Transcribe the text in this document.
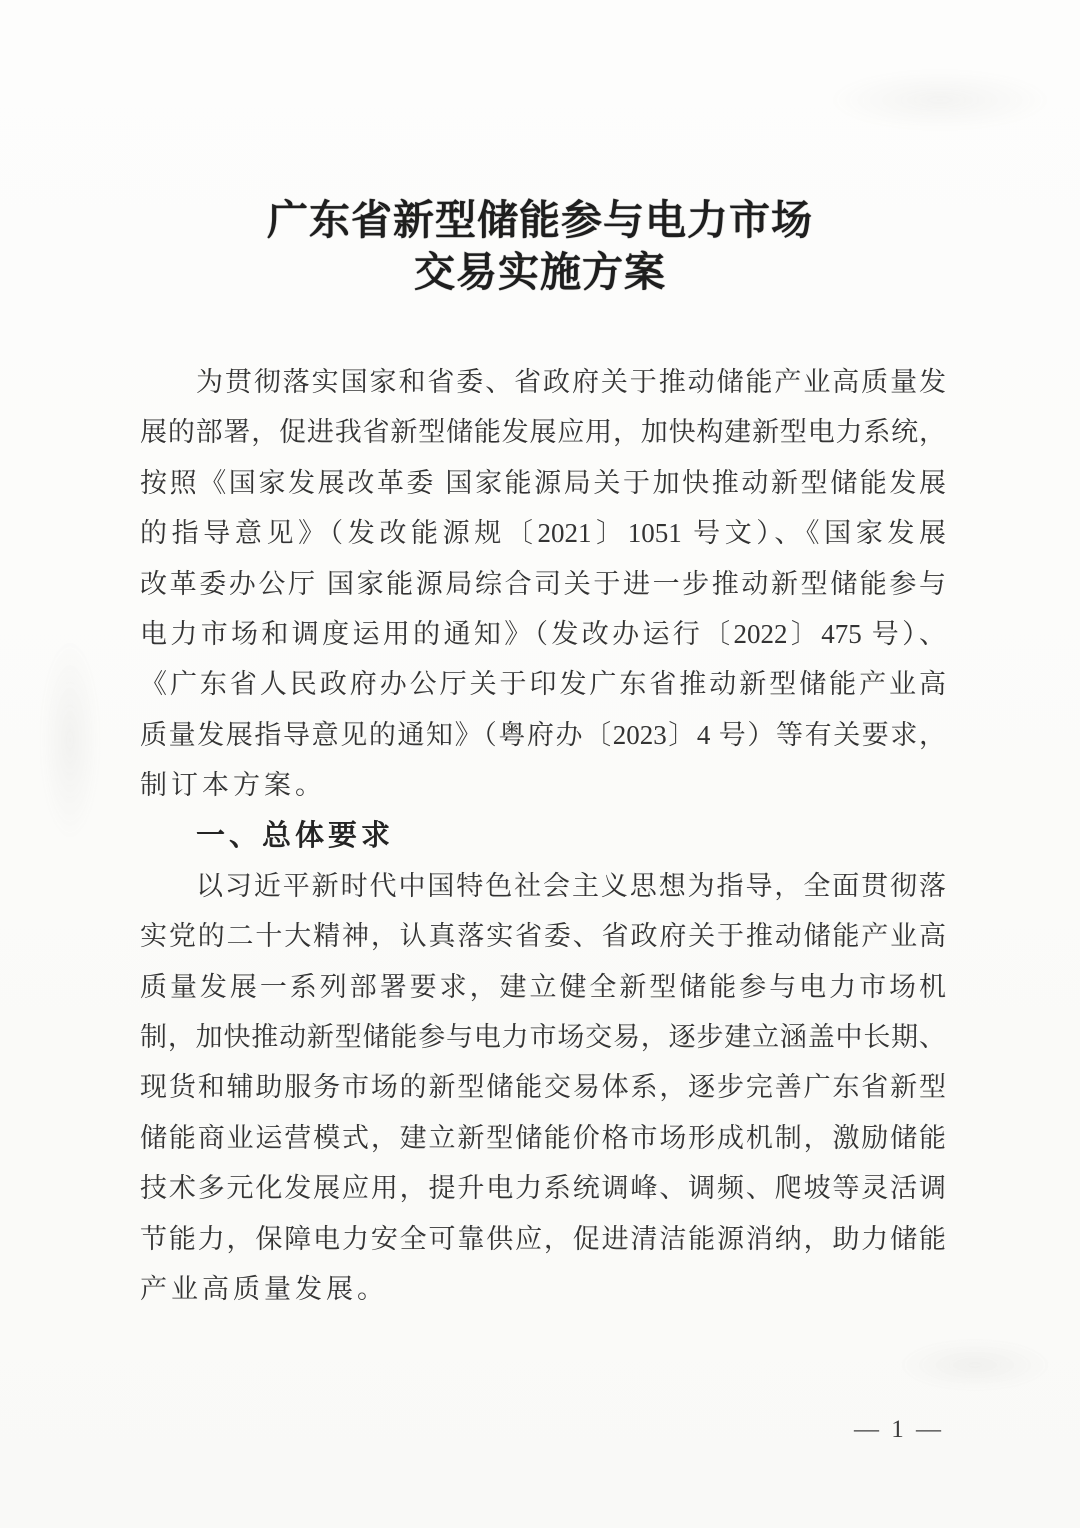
广东省新型储能参与电力市场
交易实施方案
为贯彻落实国家和省委、省政府关于推动储能产业高质量发
展的部署，促进我省新型储能发展应用，加快构建新型电力系统，
按照《国家发展改革委 国家能源局关于加快推动新型储能发展
的指导意见》（发改能源规〔2021〕1051 号文）、《国家发展
改革委办公厅 国家能源局综合司关于进一步推动新型储能参与
电力市场和调度运用的通知》（发改办运行〔2022〕475 号）、
《广东省人民政府办公厅关于印发广东省推动新型储能产业高
质量发展指导意见的通知》（粤府办〔2023〕4 号）等有关要求，
制订本方案。
一、总体要求
以习近平新时代中国特色社会主义思想为指导，全面贯彻落
实党的二十大精神，认真落实省委、省政府关于推动储能产业高
质量发展一系列部署要求，建立健全新型储能参与电力市场机
制，加快推动新型储能参与电力市场交易，逐步建立涵盖中长期、
现货和辅助服务市场的新型储能交易体系，逐步完善广东省新型
储能商业运营模式，建立新型储能价格市场形成机制，激励储能
技术多元化发展应用，提升电力系统调峰、调频、爬坡等灵活调
节能力，保障电力安全可靠供应，促进清洁能源消纳，助力储能
产业高质量发展。
— 1 —
